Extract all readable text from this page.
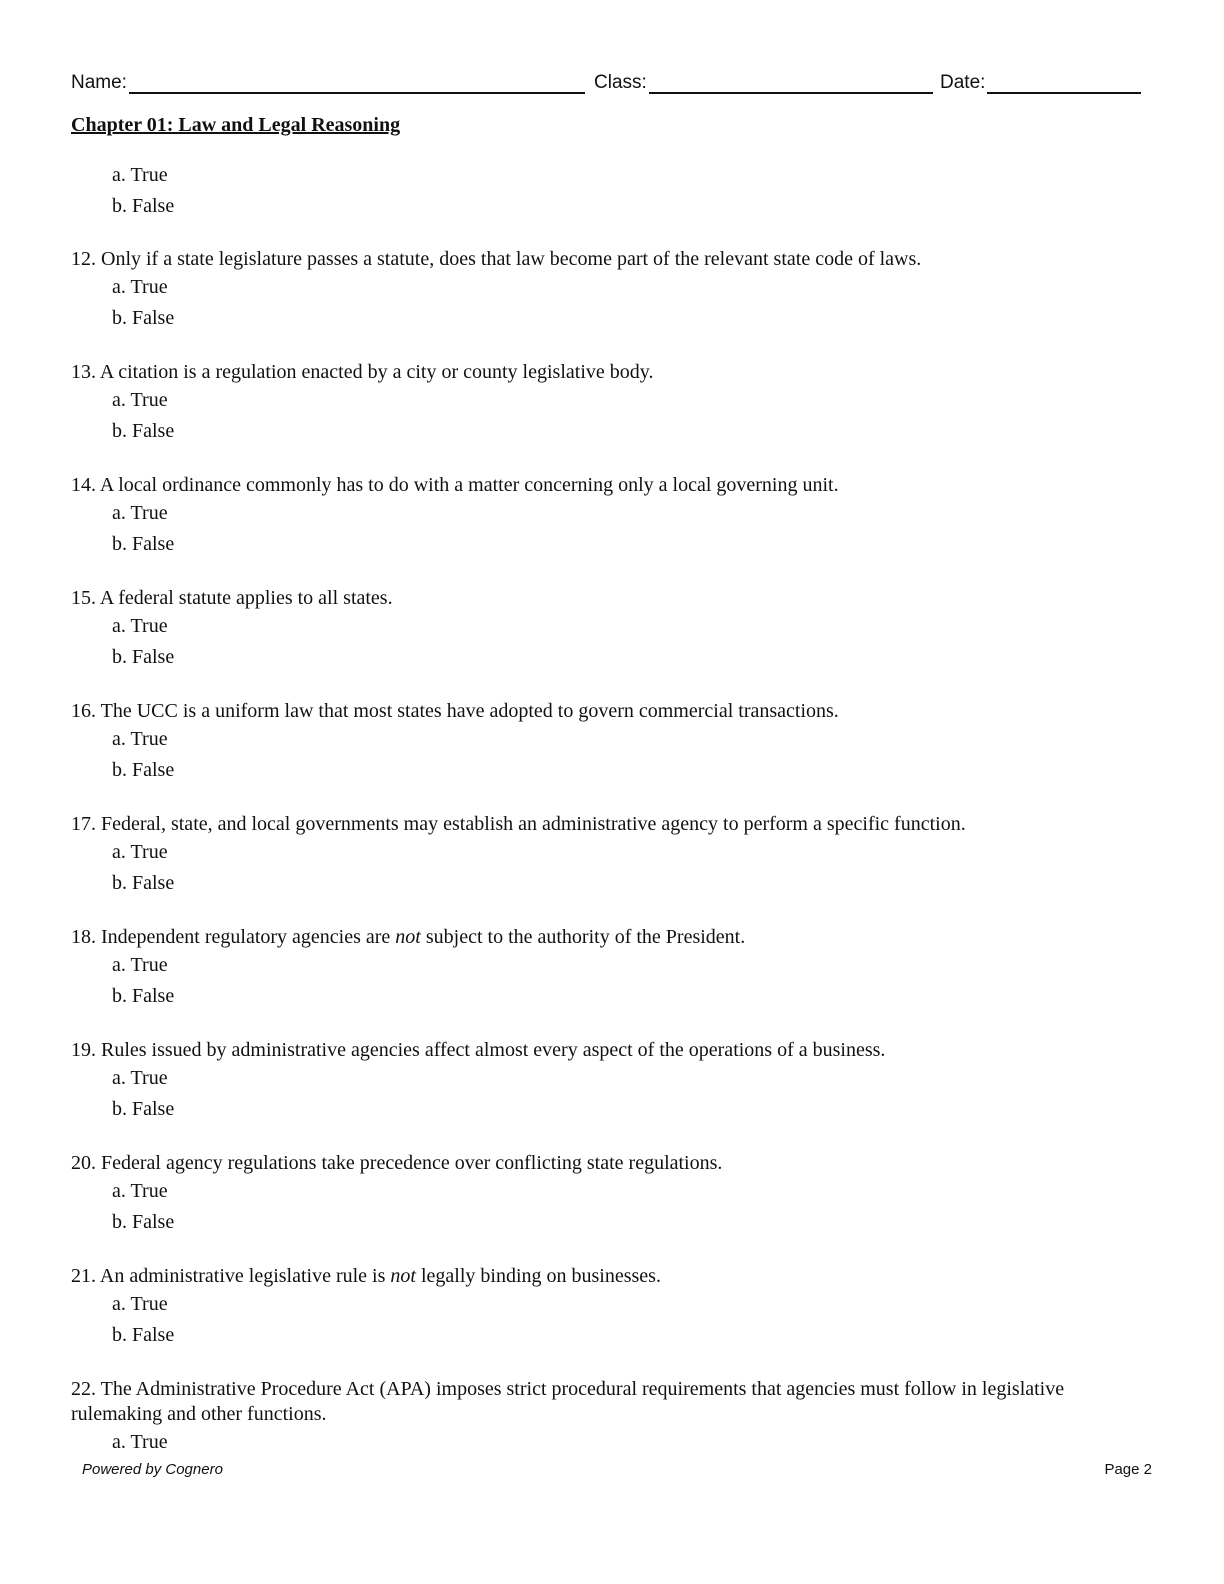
Name:	Class:	Date:
Chapter 01: Law and Legal Reasoning
a. True
b. False
12. Only if a state legislature passes a statute, does that law become part of the relevant state code of laws.
a. True
b. False
13. A citation is a regulation enacted by a city or county legislative body.
a. True
b. False
14. A local ordinance commonly has to do with a matter concerning only a local governing unit.
a. True
b. False
15. A federal statute applies to all states.
a. True
b. False
16. The UCC is a uniform law that most states have adopted to govern commercial transactions.
a. True
b. False
17. Federal, state, and local governments may establish an administrative agency to perform a specific function.
a. True
b. False
18. Independent regulatory agencies are not subject to the authority of the President.
a. True
b. False
19. Rules issued by administrative agencies affect almost every aspect of the operations of a business.
a. True
b. False
20. Federal agency regulations take precedence over conflicting state regulations.
a. True
b. False
21. An administrative legislative rule is not legally binding on businesses.
a. True
b. False
22. The Administrative Procedure Act (APA) imposes strict procedural requirements that agencies must follow in legislative rulemaking and other functions.
a. True
Powered by Cognero	Page 2
